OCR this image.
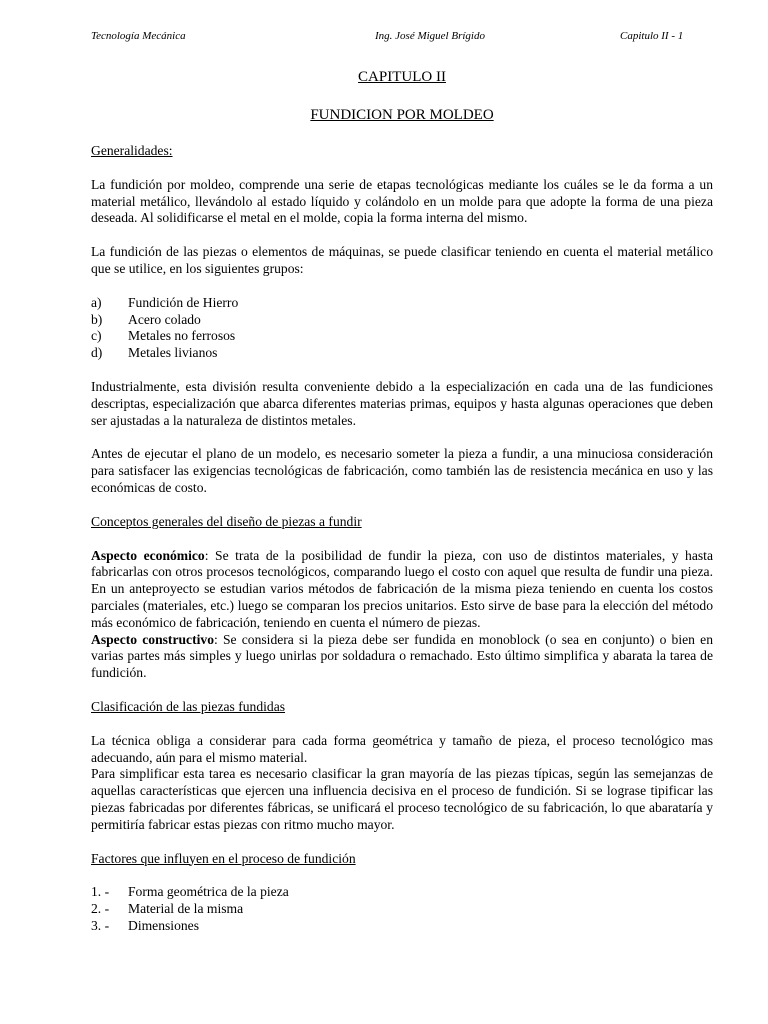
Tecnología Mecánica	Ing. José Miguel Brígido	Capitulo II - 1

CAPITULO II

FUNDICION POR MOLDEO

Generalidades:

La fundición por moldeo, comprende una serie de etapas tecnológicas mediante los cuáles se le da forma a un material metálico, llevándolo al estado líquido y colándolo en un molde para que adopte la forma de una pieza deseada. Al solidificarse el metal en el molde, copia la forma interna del mismo.

La fundición de las piezas o elementos de máquinas, se puede clasificar teniendo en cuenta el material metálico que se utilice, en los siguientes grupos:

a)	Fundición de Hierro
b)	Acero colado
c)	Metales no ferrosos
d)	Metales livianos

Industrialmente, esta división resulta conveniente debido a la especialización en cada una de las fundiciones descriptas, especialización que abarca diferentes materias primas, equipos y hasta algunas operaciones que deben ser ajustadas a la naturaleza de distintos metales.

Antes de ejecutar el plano de un modelo, es necesario someter la pieza a fundir, a una minuciosa consideración para satisfacer las exigencias tecnológicas de fabricación, como también las de resistencia mecánica en uso y las económicas de costo.

Conceptos generales del diseño de piezas a fundir

Aspecto económico: Se trata de la posibilidad de fundir la pieza, con uso de distintos materiales, y hasta fabricarlas con otros procesos tecnológicos, comparando luego el costo con aquel que resulta de fundir una pieza. En un anteproyecto se estudian varios métodos de fabricación de la misma pieza teniendo en cuenta los costos parciales (materiales, etc.) luego se comparan los precios unitarios. Esto sirve de base para la elección del método más económico de fabricación, teniendo en cuenta el número de piezas.

Aspecto constructivo: Se considera si la pieza debe ser fundida en monoblock (o sea en conjunto) o bien en varias partes más simples y luego unirlas por soldadura o remachado. Esto último simplifica y abarata la tarea de fundición.

Clasificación de las piezas fundidas

La técnica obliga a considerar para cada forma geométrica y tamaño de pieza, el proceso tecnológico mas adecuando, aún para el mismo material.

Para simplificar esta tarea es necesario clasificar la gran mayoría de las piezas típicas, según las semejanzas de aquellas características que ejercen una influencia decisiva en el proceso de fundición. Si se lograse tipificar las piezas fabricadas por diferentes fábricas, se unificará el proceso tecnológico de su fabricación, lo que abarataría y permitiría fabricar estas piezas con ritmo mucho mayor.

Factores que influyen en el proceso de fundición

1. -	Forma geométrica de la pieza
2. -	Material de la misma
3. -	Dimensiones
